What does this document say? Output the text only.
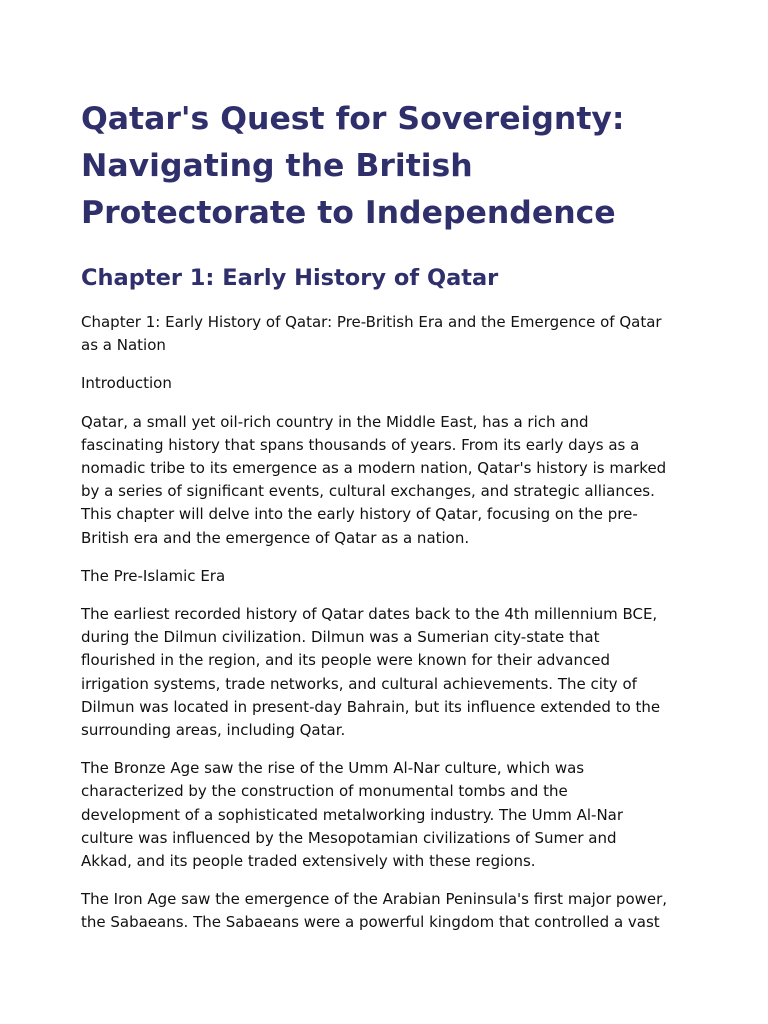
Qatar's Quest for Sovereignty:
Navigating the British
Protectorate to Independence
Chapter 1: Early History of Qatar
Chapter 1: Early History of Qatar: Pre-British Era and the Emergence of Qatar
as a Nation
Introduction
Qatar, a small yet oil-rich country in the Middle East, has a rich and
fascinating history that spans thousands of years. From its early days as a
nomadic tribe to its emergence as a modern nation, Qatar's history is marked
by a series of significant events, cultural exchanges, and strategic alliances.
This chapter will delve into the early history of Qatar, focusing on the pre-
British era and the emergence of Qatar as a nation.
The Pre-Islamic Era
The earliest recorded history of Qatar dates back to the 4th millennium BCE,
during the Dilmun civilization. Dilmun was a Sumerian city-state that
flourished in the region, and its people were known for their advanced
irrigation systems, trade networks, and cultural achievements. The city of
Dilmun was located in present-day Bahrain, but its influence extended to the
surrounding areas, including Qatar.
The Bronze Age saw the rise of the Umm Al-Nar culture, which was
characterized by the construction of monumental tombs and the
development of a sophisticated metalworking industry. The Umm Al-Nar
culture was influenced by the Mesopotamian civilizations of Sumer and
Akkad, and its people traded extensively with these regions.
The Iron Age saw the emergence of the Arabian Peninsula's first major power,
the Sabaeans. The Sabaeans were a powerful kingdom that controlled a vast
